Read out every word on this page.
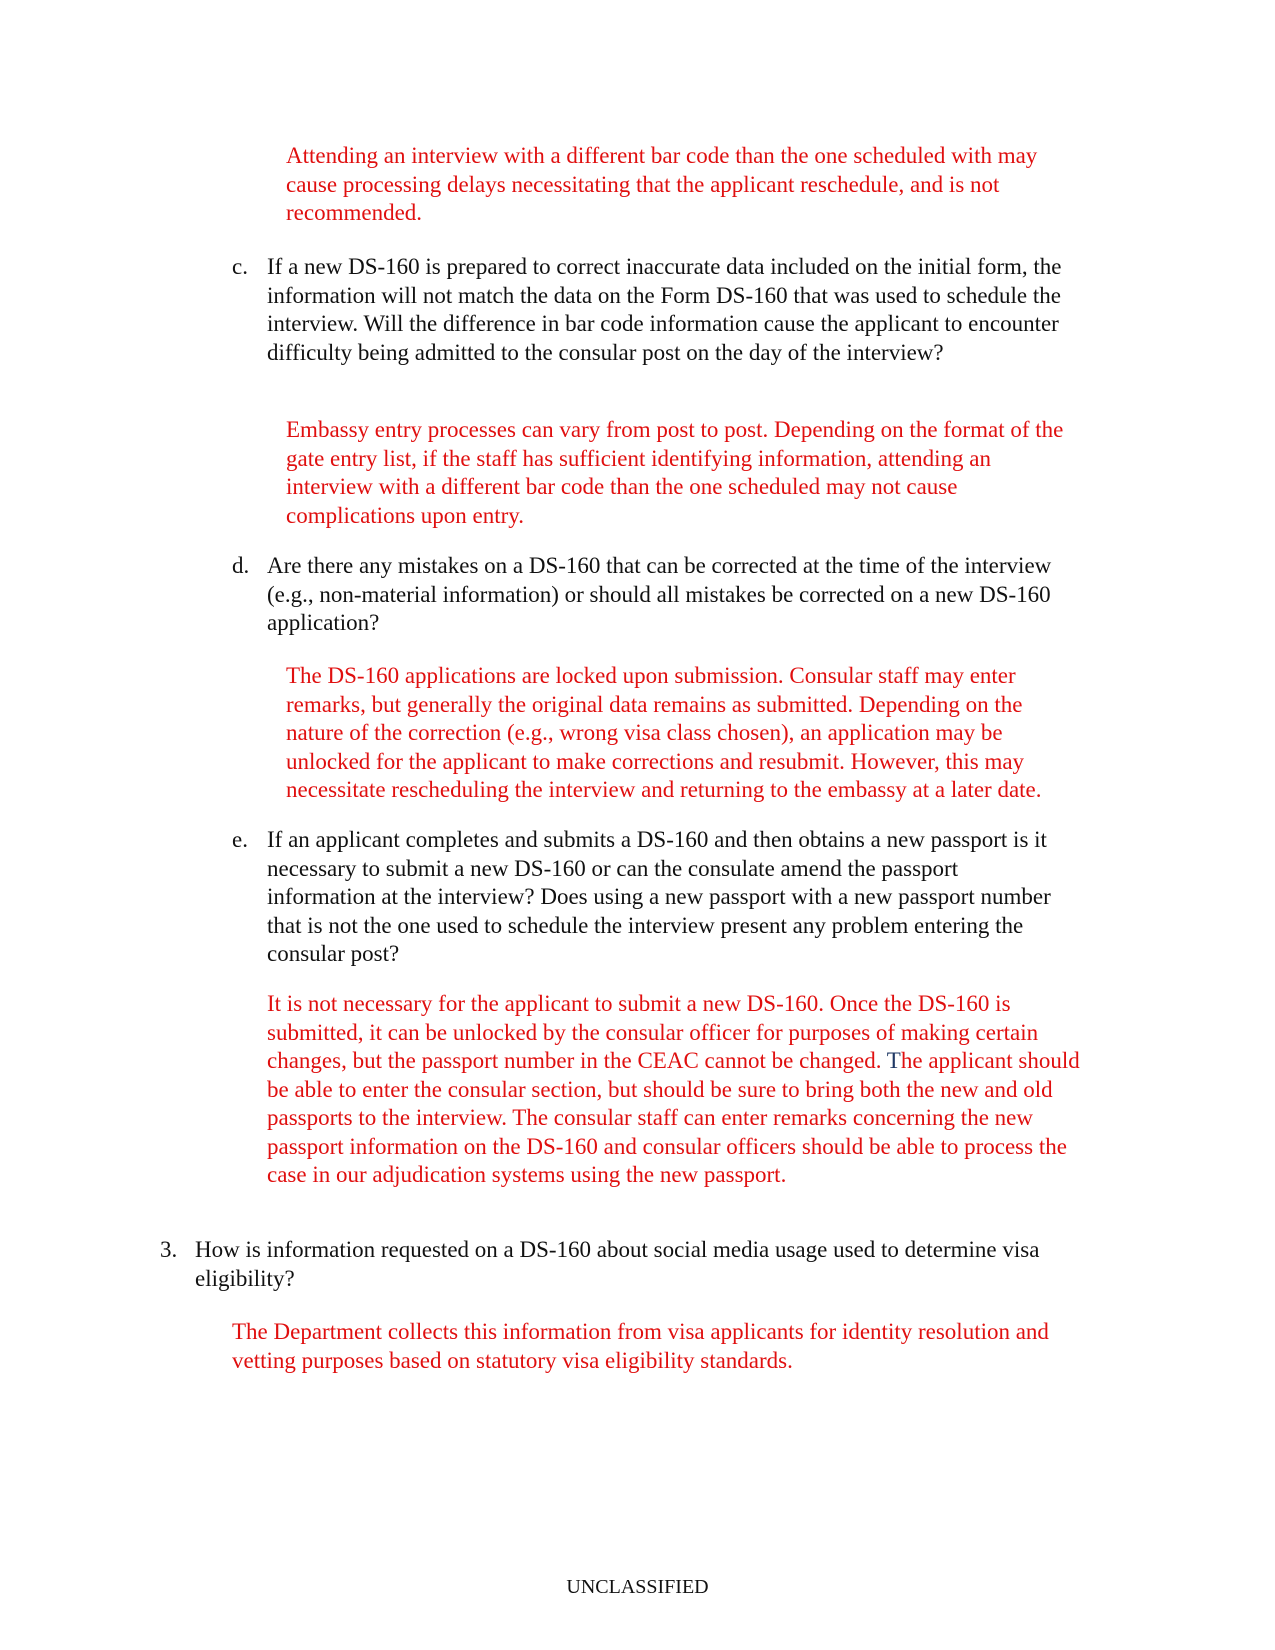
Attending an interview with a different bar code than the one scheduled with may cause processing delays necessitating that the applicant reschedule, and is not recommended.

c. If a new DS-160 is prepared to correct inaccurate data included on the initial form, the information will not match the data on the Form DS-160 that was used to schedule the interview. Will the difference in bar code information cause the applicant to encounter difficulty being admitted to the consular post on the day of the interview?

Embassy entry processes can vary from post to post. Depending on the format of the gate entry list, if the staff has sufficient identifying information, attending an interview with a different bar code than the one scheduled may not cause complications upon entry.

d. Are there any mistakes on a DS-160 that can be corrected at the time of the interview (e.g., non-material information) or should all mistakes be corrected on a new DS-160 application?

The DS-160 applications are locked upon submission. Consular staff may enter remarks, but generally the original data remains as submitted. Depending on the nature of the correction (e.g., wrong visa class chosen), an application may be unlocked for the applicant to make corrections and resubmit. However, this may necessitate rescheduling the interview and returning to the embassy at a later date.

e. If an applicant completes and submits a DS-160 and then obtains a new passport is it necessary to submit a new DS-160 or can the consulate amend the passport information at the interview? Does using a new passport with a new passport number that is not the one used to schedule the interview present any problem entering the consular post?

It is not necessary for the applicant to submit a new DS-160. Once the DS-160 is submitted, it can be unlocked by the consular officer for purposes of making certain changes, but the passport number in the CEAC cannot be changed. The applicant should be able to enter the consular section, but should be sure to bring both the new and old passports to the interview. The consular staff can enter remarks concerning the new passport information on the DS-160 and consular officers should be able to process the case in our adjudication systems using the new passport.

3. How is information requested on a DS-160 about social media usage used to determine visa eligibility?

The Department collects this information from visa applicants for identity resolution and vetting purposes based on statutory visa eligibility standards.

UNCLASSIFIED
